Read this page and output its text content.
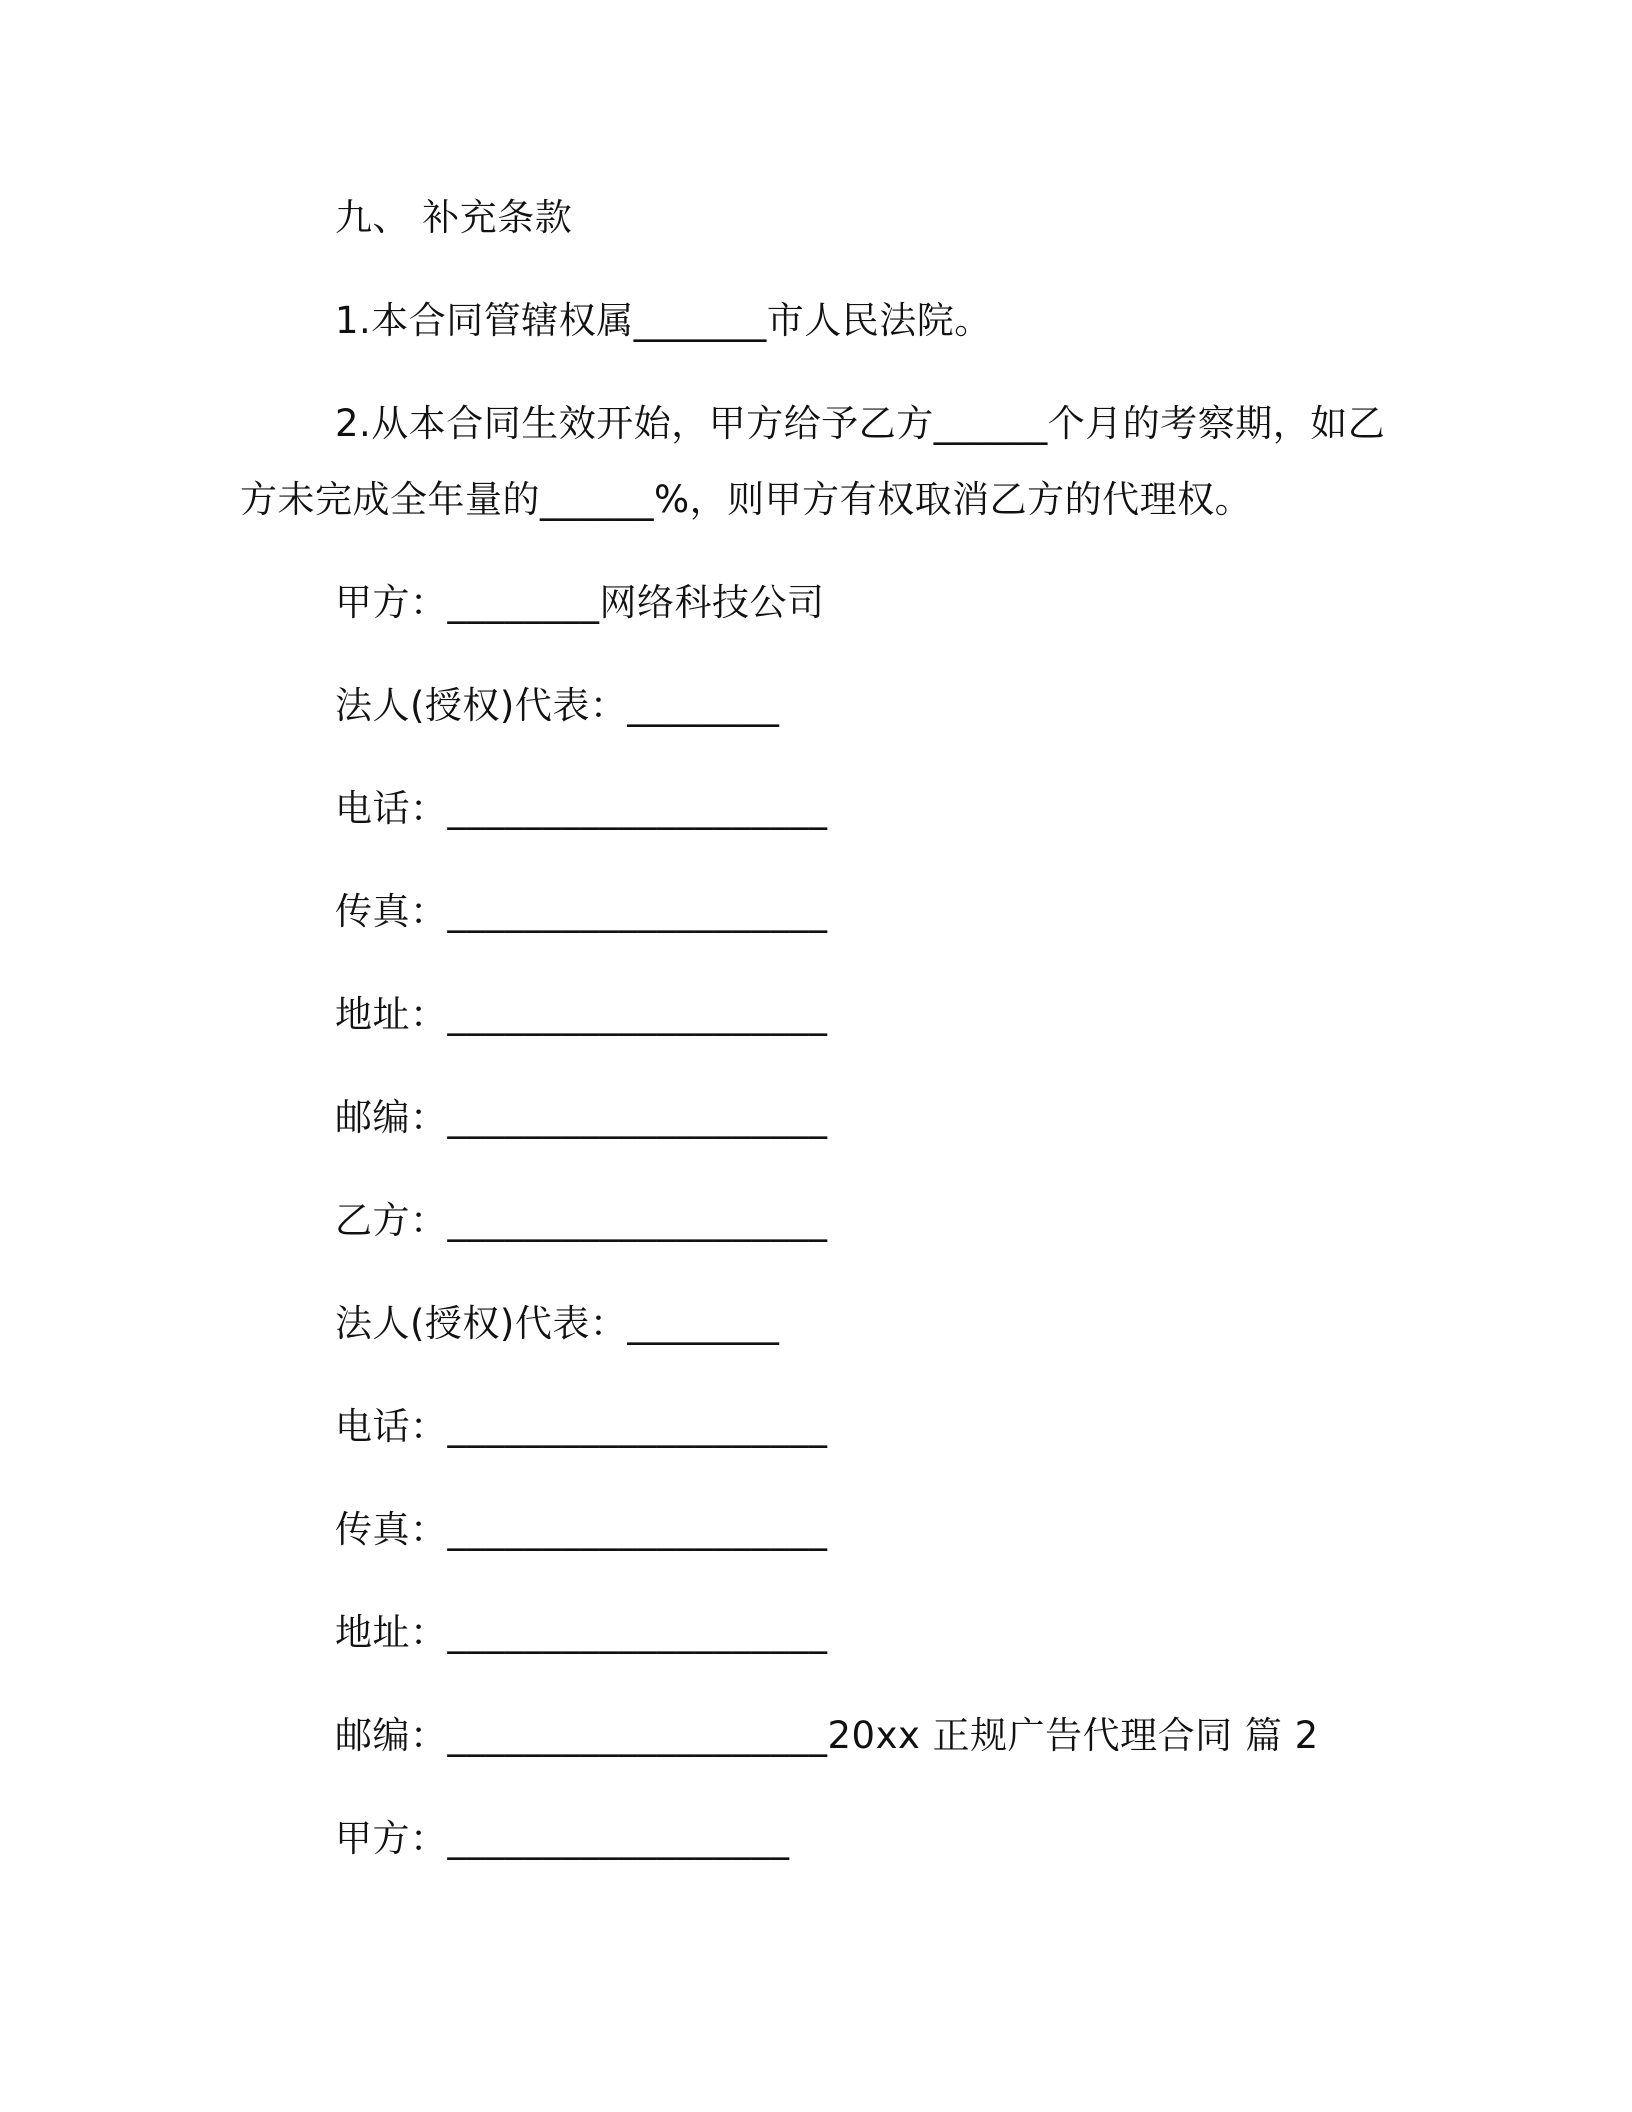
九、 补充条款
1.本合同管辖权属_______市人民法院。
2.从本合同生效开始，甲方给予乙方______个月的考察期，如乙
方未完成全年量的______%，则甲方有权取消乙方的代理权。
甲方：________网络科技公司
法人(授权)代表：________
电话：____________________
传真：____________________
地址：____________________
邮编：____________________
乙方：____________________
法人(授权)代表：________
电话：____________________
传真：____________________
地址：____________________
邮编：____________________20xx 正规广告代理合同 篇 2
甲方：__________________
